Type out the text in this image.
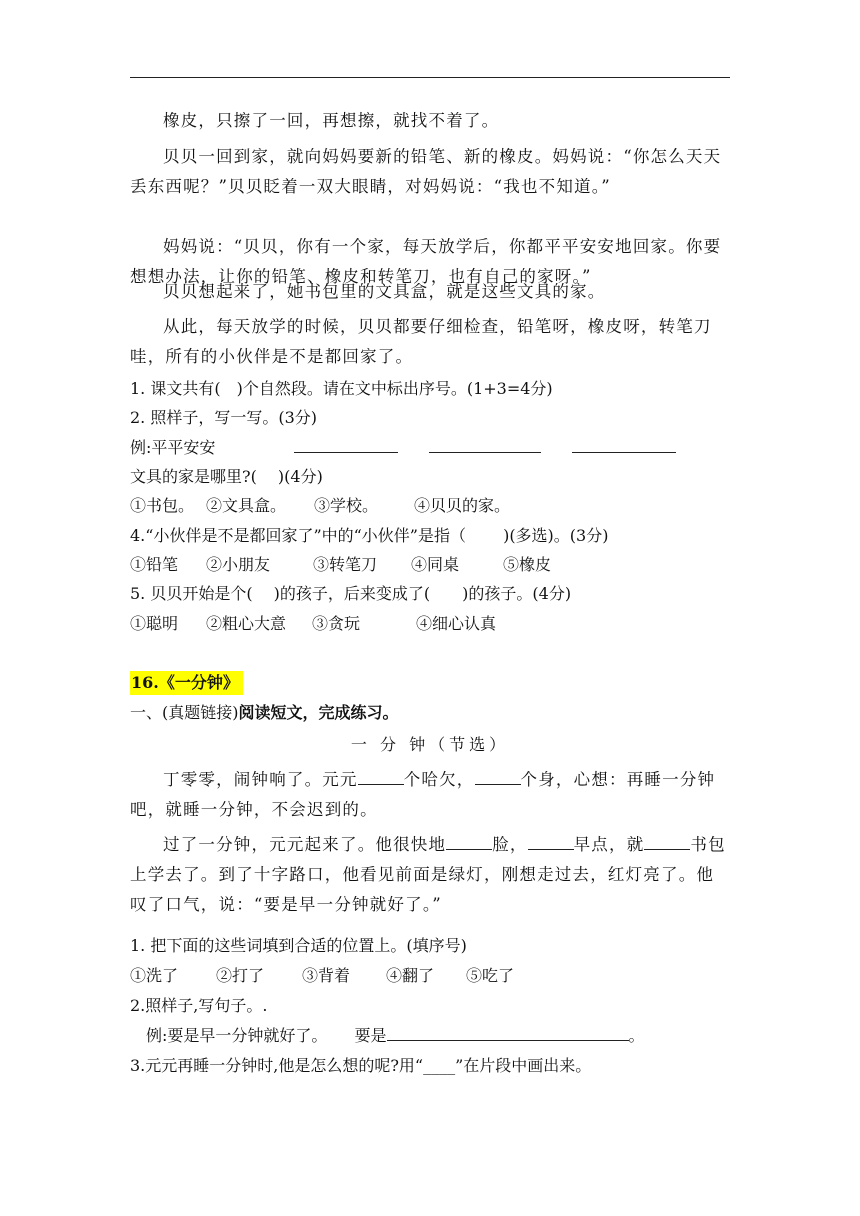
橡皮，只擦了一回，再想擦，就找不着了。
贝贝一回到家，就向妈妈要新的铅笔、新的橡皮。妈妈说：“你怎么天天丢东西呢？”贝贝眨着一双大眼睛，对妈妈说：“我也不知道。”
妈妈说：“贝贝，你有一个家，每天放学后，你都平平安安地回家。你要想想办法，让你的铅笔、橡皮和转笔刀，也有自己的家呀。”
贝贝想起来了，她书包里的文具盒，就是这些文具的家。
从此，每天放学的时候，贝贝都要仔细检查，铅笔呀，橡皮呀，转笔刀哇，所有的小伙伴是不是都回家了。
1. 课文共有(　)个自然段。请在文中标出序号。(1+3=4分)
2. 照样子，写一写。(3分)
例:平平安安
文具的家是哪里?(　 )(4分)
①书包。 ②文具盒。 ③学校。 ④贝贝的家。
4.“小伙伴是不是都回家了”中的“小伙伴”是指（　　 )(多选)。(3分)
①铅笔 ②小朋友	③转笔刀 ④同桌	⑤橡皮
5. 贝贝开始是个(　 )的孩子，后来变成了(　　)的孩子。(4分)
①聪明 ②粗心大意 ③贪玩	④细心认真
16.《一分钟》
一、(真题链接)阅读短文，完成练习。
一 分 钟（节选）
丁零零，闹钟响了。元元	个哈欠，	个身，心想：再睡一分钟吧，就睡一分钟，不会迟到的。
过了一分钟，元元起来了。他很快地	脸，	早点，就	书包上学去了。到了十字路口，他看见前面是绿灯，刚想走过去，红灯亮了。他叹了口气，说：“要是早一分钟就好了。”
1. 把下面的这些词填到合适的位置上。(填序号)
①洗了 ②打了 ③背着 ④翻了 ⑤吃了
2.照样子,写句子。.
例:要是早一分钟就好了。 要是	。
3.元元再睡一分钟时,他是怎么想的呢?用“____”在片段中画出来。
